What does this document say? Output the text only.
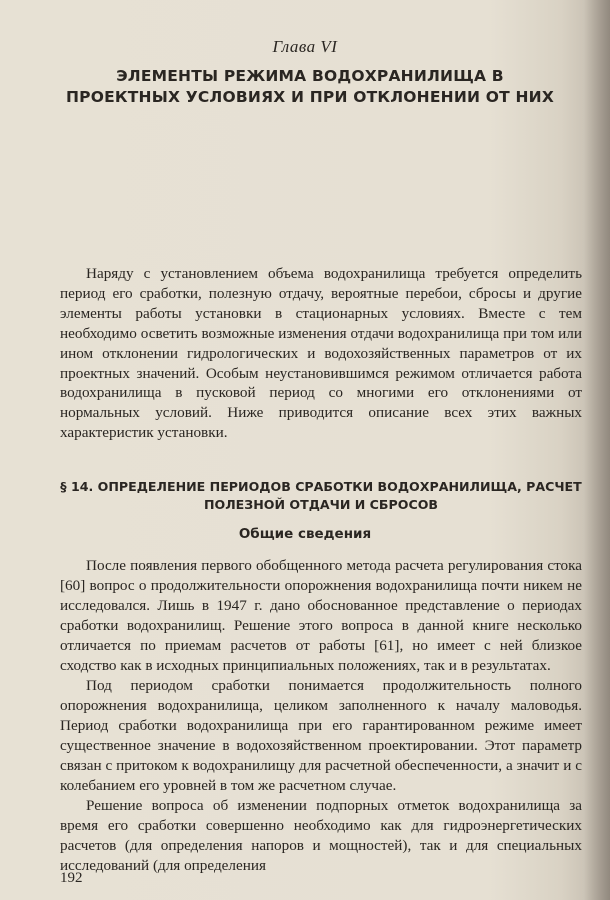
Глава VI
ЭЛЕМЕНТЫ РЕЖИМА ВОДОХРАНИЛИЩА В ПРОЕКТНЫХ УСЛОВИЯХ И ПРИ ОТКЛОНЕНИИ ОТ НИХ

Наряду с установлением объема водохранилища требуется определить период его сработки, полезную отдачу, вероятные перебои, сбросы и другие элементы работы установки в стационарных условиях. Вместе с тем необходимо осветить возможные изменения отдачи водохранилища при том или ином отклонении гидрологических и водохозяйственных параметров от их проектных значений. Особым неустановившимся режимом отличается работа водохранилища в пусковой период со многими его отклонениями от нормальных условий. Ниже приводится описание всех этих важных характеристик установки.

§ 14. ОПРЕДЕЛЕНИЕ ПЕРИОДОВ СРАБОТКИ ВОДОХРАНИЛИЩА, РАСЧЕТ ПОЛЕЗНОЙ ОТДАЧИ И СБРОСОВ
Общие сведения

После появления первого обобщенного метода расчета регулирования стока [60] вопрос о продолжительности опорожнения водохранилища почти никем не исследовался. Лишь в 1947 г. дано обоснованное представление о периодах сработки водохранилищ. Решение этого вопроса в данной книге несколько отличается по приемам расчетов от работы [61], но имеет с ней близкое сходство как в исходных принципиальных положениях, так и в результатах.

Под периодом сработки понимается продолжительность полного опорожнения водохранилища, целиком заполненного к началу маловодья. Период сработки водохранилища при его гарантированном режиме имеет существенное значение в водохозяйственном проектировании. Этот параметр связан с притоком к водохранилищу для расчетной обеспеченности, а значит и с колебанием его уровней в том же расчетном случае.

Решение вопроса об изменении подпорных отметок водохранилища за время его сработки совершенно необходимо как для гидроэнергетических расчетов (для определения напоров и мощностей), так и для специальных исследований (для определения

192
